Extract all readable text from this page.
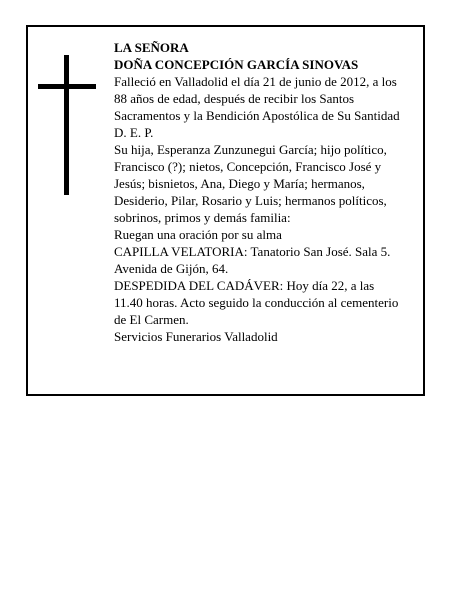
LA SEÑORA
DOÑA CONCEPCIÓN GARCÍA SINOVAS
Falleció en Valladolid el día 21 de junio de 2012, a los
88 años de edad, después de recibir los Santos
Sacramentos y la Bendición Apostólica de Su Santidad
D. E. P.
Su hija, Esperanza Zunzunegui García; hijo político,
Francisco (?); nietos, Concepción, Francisco José y
Jesús; bisnietos, Ana, Diego y María; hermanos,
Desiderio, Pilar, Rosario y Luis; hermanos políticos,
sobrinos, primos y demás familia:
Ruegan una oración por su alma
CAPILLA VELATORIA: Tanatorio San José. Sala 5.
Avenida de Gijón, 64.
DESPEDIDA DEL CADÁVER: Hoy día 22, a las
11.40 horas. Acto seguido la conducción al cementerio
de El Carmen.
Servicios Funerarios Valladolid
